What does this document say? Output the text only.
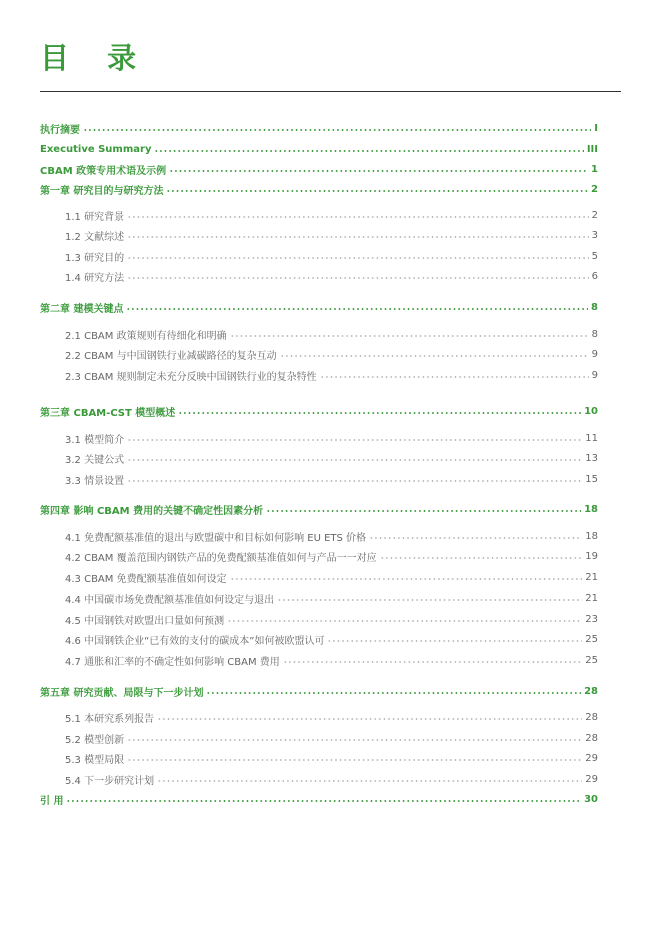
目 录
执行摘要	I
Executive Summary	III
CBAM 政策专用术语及示例	1
第一章 研究目的与研究方法	2
1.1 研究背景	2
1.2 文献综述	3
1.3 研究目的	5
1.4 研究方法	6
第二章 建模关键点	8
2.1 CBAM 政策规则有待细化和明确	8
2.2 CBAM 与中国钢铁行业减碳路径的复杂互动	9
2.3 CBAM 规则制定未充分反映中国钢铁行业的复杂特性	9
第三章 CBAM-CST 模型概述	10
3.1 模型简介	11
3.2 关键公式	13
3.3 情景设置	15
第四章 影响 CBAM 费用的关键不确定性因素分析	18
4.1 免费配额基准值的退出与欧盟碳中和目标如何影响 EU ETS 价格	18
4.2 CBAM 覆盖范围内钢铁产品的免费配额基准值如何与产品一一对应	19
4.3 CBAM 免费配额基准值如何设定	21
4.4 中国碳市场免费配额基准值如何设定与退出	21
4.5 中国钢铁对欧盟出口量如何预测	23
4.6 中国钢铁企业“已有效的支付的碳成本”如何被欧盟认可	25
4.7 通胀和汇率的不确定性如何影响 CBAM 费用	25
第五章 研究贡献、局限与下一步计划	28
5.1 本研究系列报告	28
5.2 模型创新	28
5.3 模型局限	29
5.4 下一步研究计划	29
引 用	30
